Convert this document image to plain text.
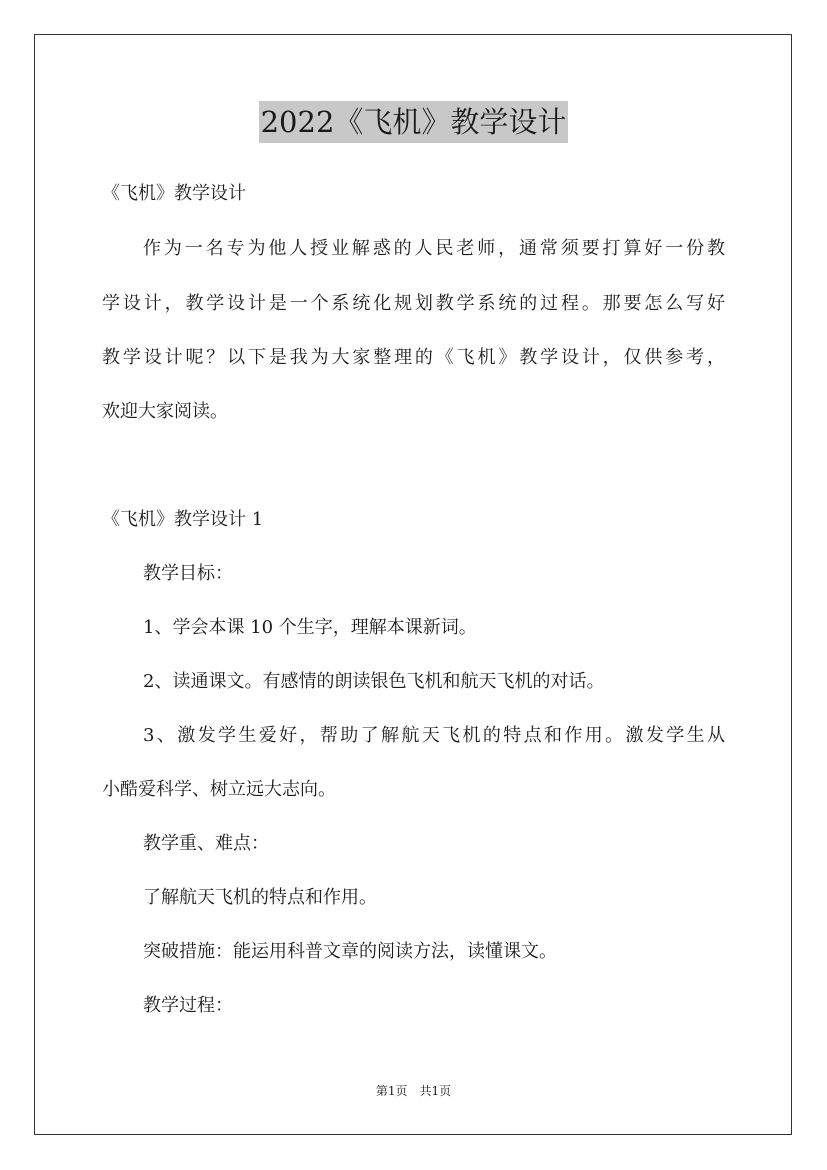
2022《飞机》教学设计
《飞机》教学设计
作为一名专为他人授业解惑的人民老师，通常须要打算好一份教
学设计，教学设计是一个系统化规划教学系统的过程。那要怎么写好
教学设计呢？以下是我为大家整理的《飞机》教学设计，仅供参考，
欢迎大家阅读。
《飞机》教学设计 1
教学目标：
1、学会本课 10 个生字，理解本课新词。
2、读通课文。有感情的朗读银色飞机和航天飞机的对话。
3、激发学生爱好，帮助了解航天飞机的特点和作用。激发学生从
小酷爱科学、树立远大志向。
教学重、难点：
了解航天飞机的特点和作用。
突破措施：能运用科普文章的阅读方法，读懂课文。
教学过程：
第1页　共1页
